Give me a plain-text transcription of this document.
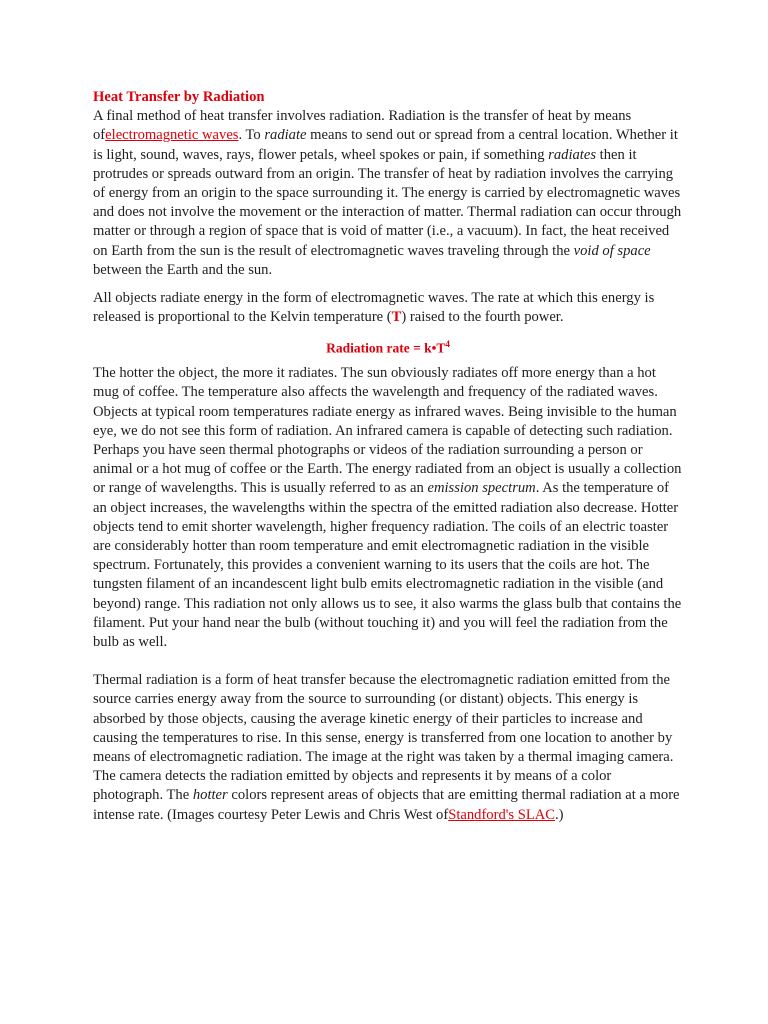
Heat Transfer by Radiation

A final method of heat transfer involves radiation. Radiation is the transfer of heat by means ofelectromagnetic waves. To radiate means to send out or spread from a central location. Whether it is light, sound, waves, rays, flower petals, wheel spokes or pain, if something radiates then it protrudes or spreads outward from an origin. The transfer of heat by radiation involves the carrying of energy from an origin to the space surrounding it. The energy is carried by electromagnetic waves and does not involve the movement or the interaction of matter. Thermal radiation can occur through matter or through a region of space that is void of matter (i.e., a vacuum). In fact, the heat received on Earth from the sun is the result of electromagnetic waves traveling through the void of space between the Earth and the sun.

All objects radiate energy in the form of electromagnetic waves. The rate at which this energy is released is proportional to the Kelvin temperature (T) raised to the fourth power.

Radiation rate = $k•T^4$

The hotter the object, the more it radiates. The sun obviously radiates off more energy than a hot mug of coffee. The temperature also affects the wavelength and frequency of the radiated waves. Objects at typical room temperatures radiate energy as infrared waves. Being invisible to the human eye, we do not see this form of radiation. An infrared camera is capable of detecting such radiation. Perhaps you have seen thermal photographs or videos of the radiation surrounding a person or animal or a hot mug of coffee or the Earth. The energy radiated from an object is usually a collection or range of wavelengths. This is usually referred to as an emission spectrum. As the temperature of an object increases, the wavelengths within the spectra of the emitted radiation also decrease. Hotter objects tend to emit shorter wavelength, higher frequency radiation. The coils of an electric toaster are considerably hotter than room temperature and emit electromagnetic radiation in the visible spectrum. Fortunately, this provides a convenient warning to its users that the coils are hot. The tungsten filament of an incandescent light bulb emits electromagnetic radiation in the visible (and beyond) range. This radiation not only allows us to see, it also warms the glass bulb that contains the filament. Put your hand near the bulb (without touching it) and you will feel the radiation from the bulb as well.

Thermal radiation is a form of heat transfer because the electromagnetic radiation emitted from the source carries energy away from the source to surrounding (or distant) objects. This energy is absorbed by those objects, causing the average kinetic energy of their particles to increase and causing the temperatures to rise. In this sense, energy is transferred from one location to another by means of electromagnetic radiation. The image at the right was taken by a thermal imaging camera. The camera detects the radiation emitted by objects and represents it by means of a color photograph. The hotter colors represent areas of objects that are emitting thermal radiation at a more intense rate. (Images courtesy Peter Lewis and Chris West ofStandford's SLAC.)
